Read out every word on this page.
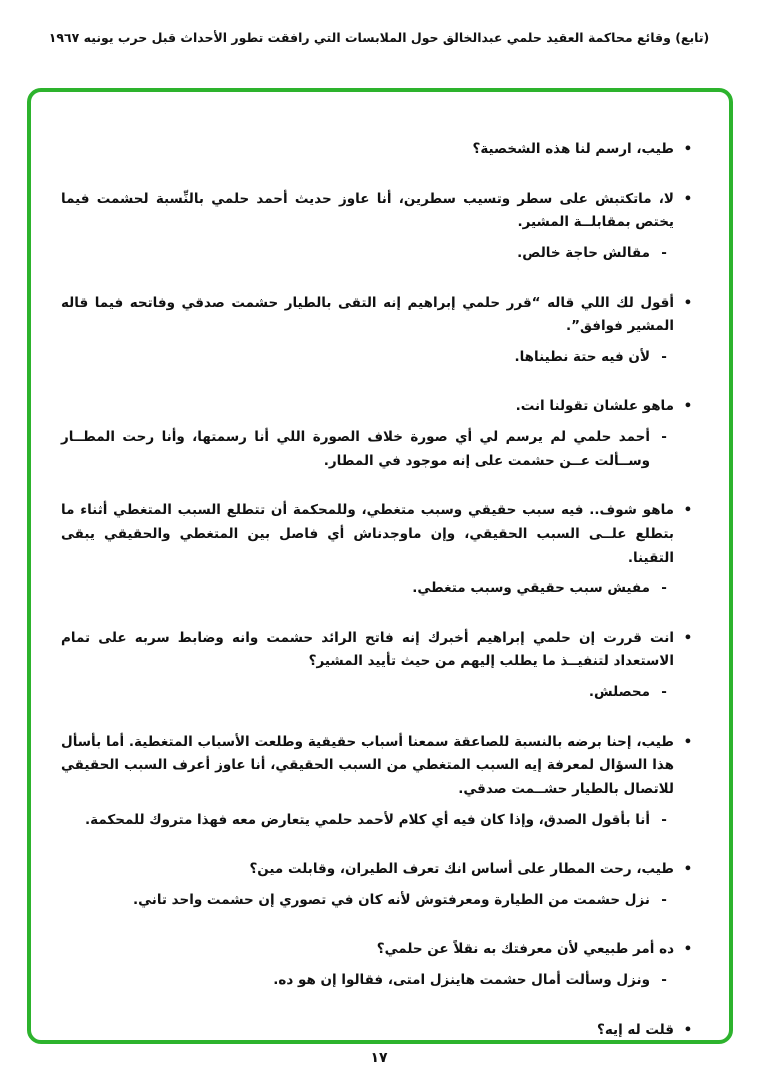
(تابع) وقائع محاكمة العقيد حلمي عبدالخالق حول الملابسات التي رافقت تطور الأحداث قبل حرب يونيه ١٩٦٧
•
طيب، ارسم لنا هذه الشخصية؟
•
لا، ماتكتبش على سطر وتسيب سطرين، أنا عاوز حديث أحمد حلمي بالنِّسبة لحشمت فيما يختص بمقابلــة المشير.
-
مقالش حاجة خالص.
•
أقول لك اللي قاله “قرر حلمي إبراهيم إنه التقى بالطيار حشمت صدقي وفاتحه فيما قاله المشير فوافق”.
-
لأن فيه حتة نطيناها.
•
ماهو علشان تقولنا انت.
-
أحمد حلمي لم يرسم لي أي صورة خلاف الصورة اللي أنا رسمتها، وأنا رحت المطــار وســألت عــن حشمت على إنه موجود في المطار.
•
ماهو شوف.. فيه سبب حقيقي وسبب متغطي، وللمحكمة أن تتطلع السبب المتغطي أثناء ما بتطلع علــى السبب الحقيقي، وإن ماوجدناش أي فاصل بين المتغطي والحقيقي يبقى التقينا.
-
مفيش سبب حقيقي وسبب متغطي.
•
انت قررت إن حلمي إبراهيم أخبرك إنه فاتح الرائد حشمت وانه وضابط سربه على تمام الاستعداد لتنفيــذ ما يطلب إليهم من حيث تأييد المشير؟
-
محصلش.
•
طيب، إحنا برضه بالنسبة للصاعقة سمعنا أسباب حقيقية وطلعت الأسباب المتغطية. أما بأسأل هذا السؤال لمعرفة إيه السبب المتغطي من السبب الحقيقي، أنا عاوز أعرف السبب الحقيقي للاتصال بالطيار حشــمت صدقي.
-
أنا بأقول الصدق، وإذا كان فيه أي كلام لأحمد حلمي يتعارض معه فهذا متروك للمحكمة.
•
طيب، رحت المطار على أساس انك تعرف الطيران، وقابلت مين؟
-
نزل حشمت من الطيارة ومعرفتوش لأنه كان في تصوري إن حشمت واحد تاني.
•
ده أمر طبيعي لأن معرفتك به نقلاً عن حلمي؟
-
ونزل وسألت أمال حشمت هاينزل امتى، فقالوا إن هو ده.
•
قلت له إيه؟
١٧
